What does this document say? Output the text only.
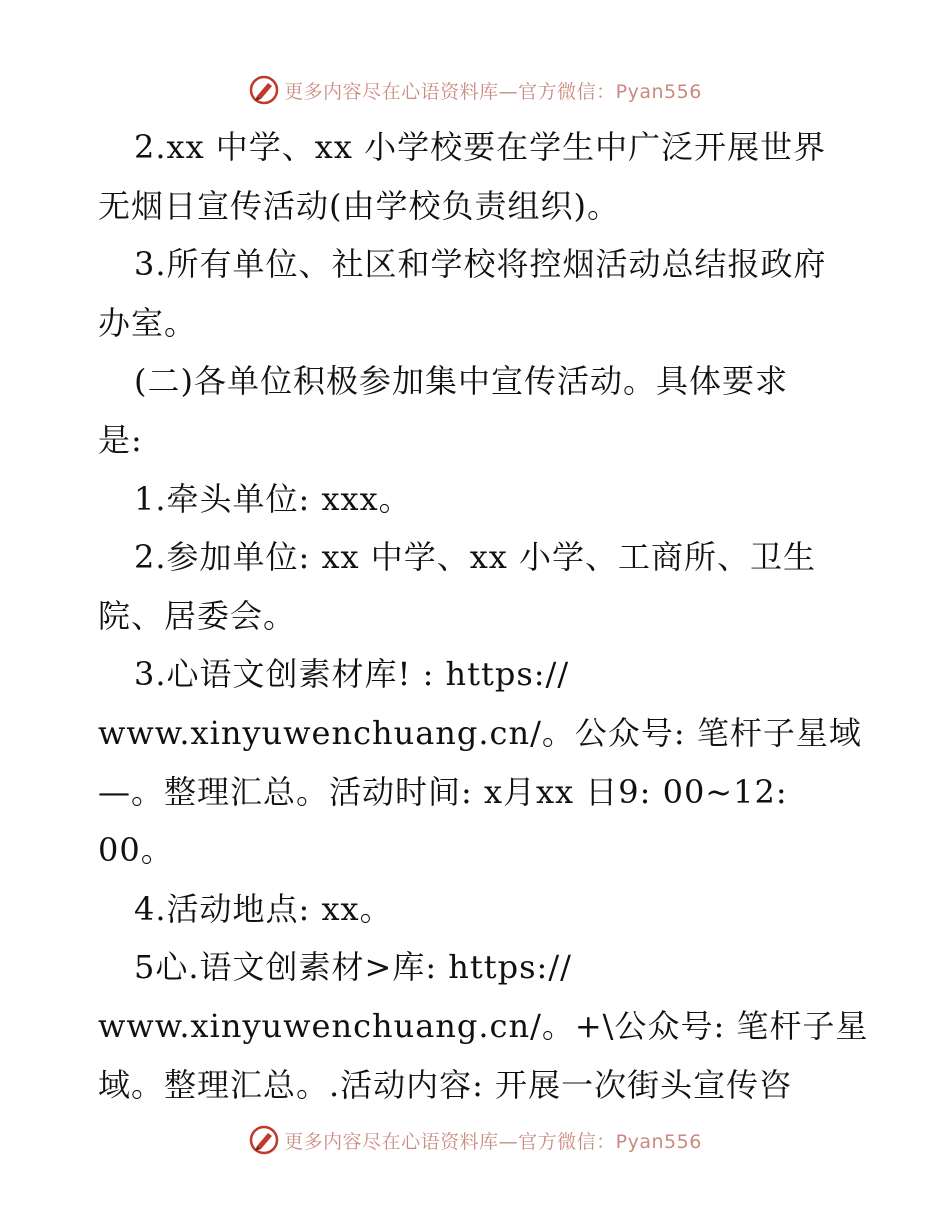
更多内容尽在心语资料库—官方微信：Pyan556
2.xx 中学、xx 小学校要在学生中广泛开展世界
无烟日宣传活动(由学校负责组织)。
3.所有单位、社区和学校将控烟活动总结报政府
办室。
(二)各单位积极参加集中宣传活动。具体要求
是:
1.牵头单位: xxx。
2.参加单位: xx 中学、xx 小学、工商所、卫生
院、居委会。
3.心语文创素材库! : https://
www.xinyuwenchuang.cn/。公众号: 笔杆子星域
—。整理汇总。活动时间: x月xx 日9: 00~12:
00。
4.活动地点: xx。
5心.语文创素材>库: https://
www.xinyuwenchuang.cn/。+\公众号: 笔杆子星
域。整理汇总。.活动内容: 开展一次街头宣传咨
更多内容尽在心语资料库—官方微信：Pyan556
